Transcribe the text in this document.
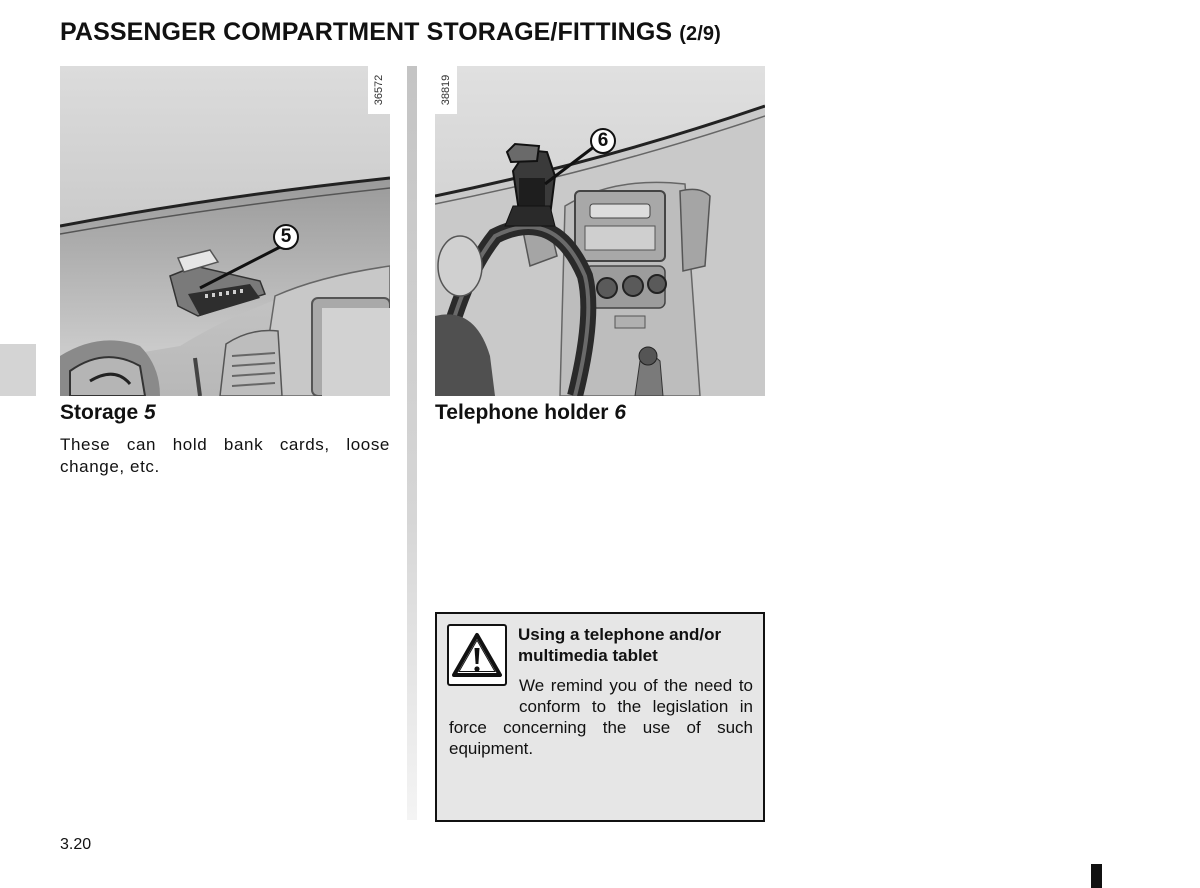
PASSENGER COMPARTMENT STORAGE/FITTINGS (2/9)
36572
5
38819
6
Storage 5	Telephone holder 6
These can hold bank cards, loose change, etc.
Using a telephone and/or multimedia tablet
We remind you of the need to conform to the legislation in force concerning the use of such equipment.
3.20
